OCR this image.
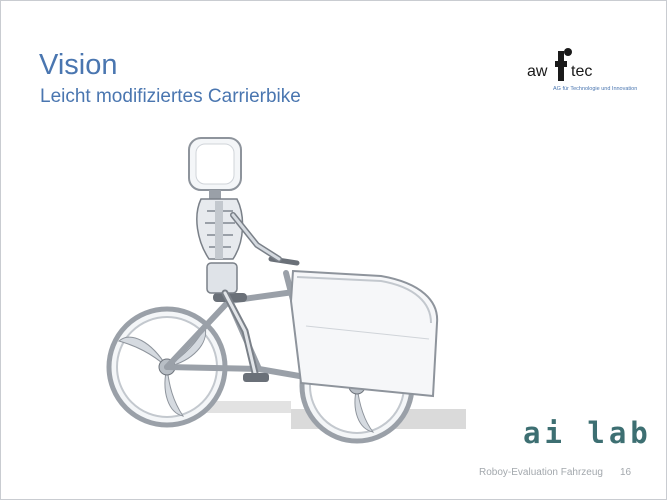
Vision
Leicht modifiziertes Carrierbike
aw tec
AG für Technologie und Innovation
ai lab
Roboy-Evaluation Fahrzeug 16
